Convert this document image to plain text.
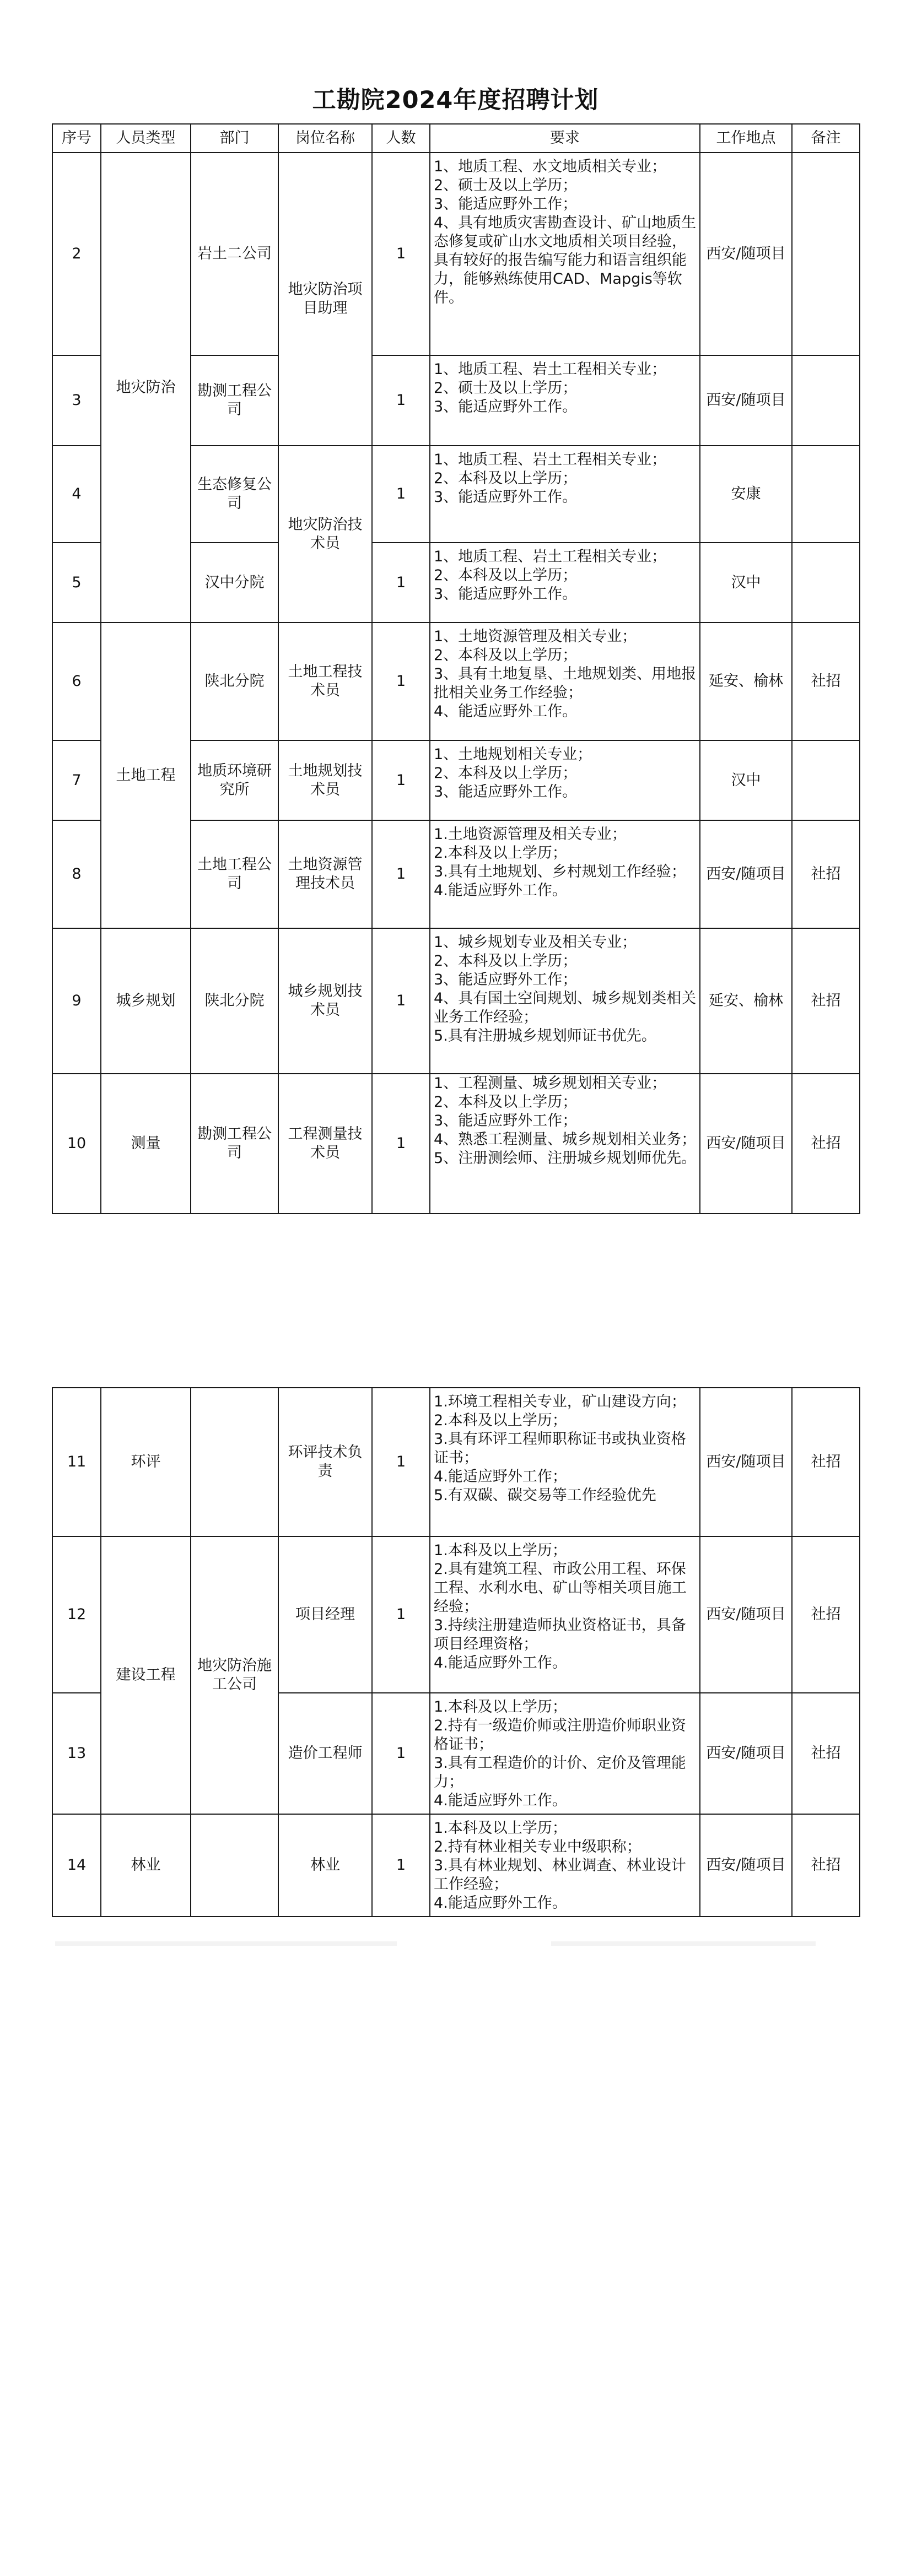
工勘院2024年度招聘计划
序号	人员类型	部门	岗位名称	人数	要求	工作地点	备注
2	地灾防治	岩土二公司	地灾防治项目助理	1	1、地质工程、水文地质相关专业；
2、硕士及以上学历；
3、能适应野外工作；
4、具有地质灾害勘查设计、矿山地质生态修复或矿山水文地质相关项目经验，具有较好的报告编写能力和语言组织能力，能够熟练使用CAD、Mapgis等软件。	西安/随项目	
3		勘测工程公司		1	1、地质工程、岩土工程相关专业；
2、硕士及以上学历；
3、能适应野外工作。	西安/随项目	
4		生态修复公司	地灾防治技术员	1	1、地质工程、岩土工程相关专业；
2、本科及以上学历；
3、能适应野外工作。	安康	
5		汉中分院		1	1、地质工程、岩土工程相关专业；
2、本科及以上学历；
3、能适应野外工作。	汉中	
6	土地工程	陕北分院	土地工程技术员	1	1、土地资源管理及相关专业；
2、本科及以上学历；
3、具有土地复垦、土地规划类、用地报批相关业务工作经验；
4、能适应野外工作。	延安、榆林	社招
7		地质环境研究所	土地规划技术员	1	1、土地规划相关专业；
2、本科及以上学历；
3、能适应野外工作。	汉中	
8		土地工程公司	土地资源管理技术员	1	1.土地资源管理及相关专业；
2.本科及以上学历；
3.具有土地规划、乡村规划工作经验；
4.能适应野外工作。	西安/随项目	社招
9	城乡规划	陕北分院	城乡规划技术员	1	1、城乡规划专业及相关专业；
2、本科及以上学历；
3、能适应野外工作；
4、具有国土空间规划、城乡规划类相关业务工作经验；
5.具有注册城乡规划师证书优先。	延安、榆林	社招
10	测量	勘测工程公司	工程测量技术员	1	1、工程测量、城乡规划相关专业；
2、本科及以上学历；
3、能适应野外工作；
4、熟悉工程测量、城乡规划相关业务；
5、注册测绘师、注册城乡规划师优先。	西安/随项目	社招
11	环评		环评技术负责	1	1.环境工程相关专业，矿山建设方向；
2.本科及以上学历；
3.具有环评工程师职称证书或执业资格证书；
4.能适应野外工作；
5.有双碳、碳交易等工作经验优先	西安/随项目	社招
12	建设工程	地灾防治施工公司	项目经理	1	1.本科及以上学历；
2.具有建筑工程、市政公用工程、环保工程、水利水电、矿山等相关项目施工经验；
3.持续注册建造师执业资格证书，具备项目经理资格；
4.能适应野外工作。	西安/随项目	社招
13			造价工程师	1	1.本科及以上学历；
2.持有一级造价师或注册造价师职业资格证书；
3.具有工程造价的计价、定价及管理能力；
4.能适应野外工作。	西安/随项目	社招
14	林业		林业	1	1.本科及以上学历；
2.持有林业相关专业中级职称；
3.具有林业规划、林业调查、林业设计工作经验；
4.能适应野外工作。	西安/随项目	社招
